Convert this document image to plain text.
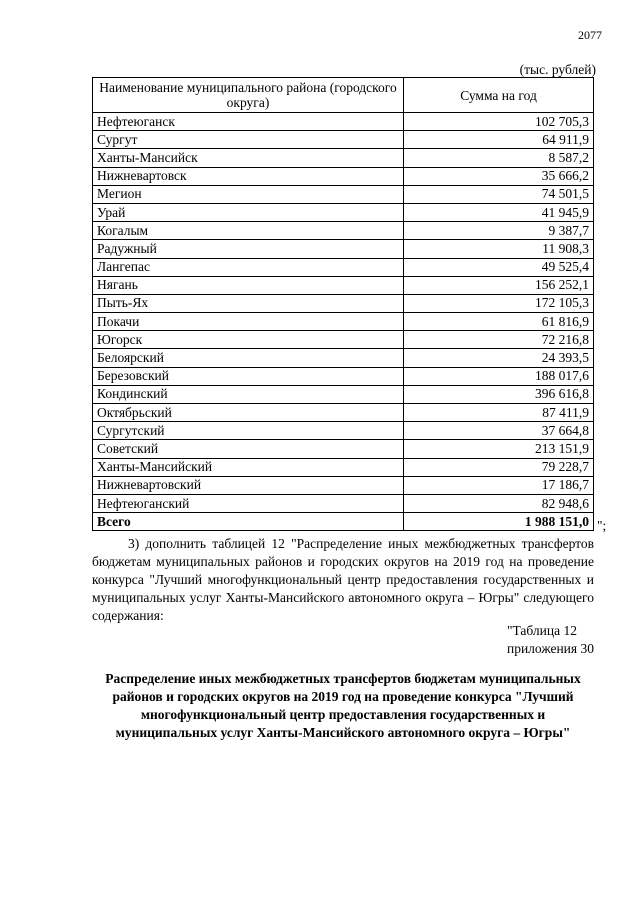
2077
(тыс. рублей)
Наименование муниципального района (городского округа)	Сумма на год
Нефтеюганск	102 705,3
Сургут	64 911,9
Ханты-Мансийск	8 587,2
Нижневартовск	35 666,2
Мегион	74 501,5
Урай	41 945,9
Когалым	9 387,7
Радужный	11 908,3
Лангепас	49 525,4
Нягань	156 252,1
Пыть-Ях	172 105,3
Покачи	61 816,9
Югорск	72 216,8
Белоярский	24 393,5
Березовский	188 017,6
Кондинский	396 616,8
Октябрьский	87 411,9
Сургутский	37 664,8
Советский	213 151,9
Ханты-Мансийский	79 228,7
Нижневартовский	17 186,7
Нефтеюганский	82 948,6
Всего	1 988 151,0 ";

3) дополнить таблицей 12 "Распределение иных межбюджетных трансфертов бюджетам муниципальных районов и городских округов на 2019 год на проведение конкурса "Лучший многофункциональный центр предоставления государственных и муниципальных услуг Ханты-Мансийского автономного округа – Югры" следующего содержания:

"Таблица 12
приложения 30
Распределение иных межбюджетных трансфертов бюджетам муниципальных районов и городских округов на 2019 год на проведение конкурса "Лучший многофункциональный центр предоставления государственных и муниципальных услуг Ханты-Мансийского автономного округа – Югры"
